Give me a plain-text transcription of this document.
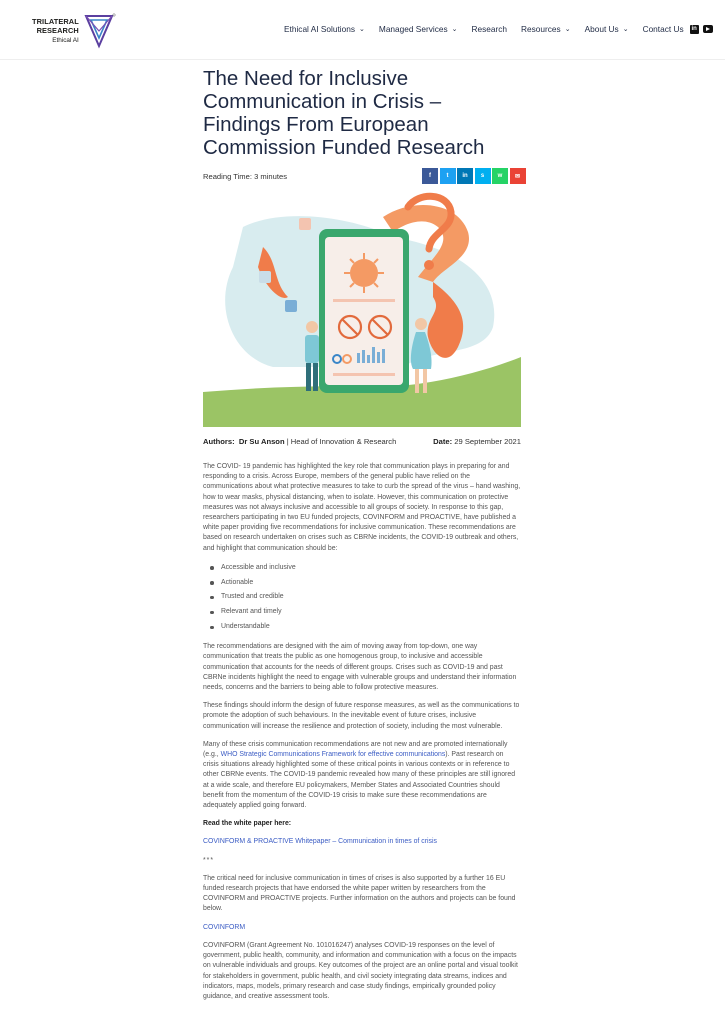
TRILATERAL
RESEARCH
Ethical AI
Ethical AI Solutions ⌄ Managed Services ⌄ Research Resources ⌄ About Us ⌄ Contact Us	in
The Need for Inclusive Communication in Crisis – Findings From European Commission Funded Research
Reading Time: 3 minutes	f	t	in	s	w	✉
Authors: Dr Su Anson | Head of Innovation & Research	Date: 29 September 2021

The COVID- 19 pandemic has highlighted the key role that communication plays in preparing for and responding to a crisis. Across Europe, members of the general public have relied on the communications about what protective measures to take to curb the spread of the virus – hand washing, how to wear masks, physical distancing, when to isolate. However, this communication on protective measures was not always inclusive and accessible to all groups of society. In response to this gap, researchers participating in two EU funded projects, COVINFORM and PROACTIVE, have published a white paper providing five recommendations for inclusive communication. These recommendations are based on research undertaken on crises such as CBRNe incidents, the COVID-19 outbreak and others, and highlight that communication should be:

Accessible and inclusive
Actionable
Trusted and credible
Relevant and timely
Understandable

The recommendations are designed with the aim of moving away from top-down, one way communication that treats the public as one homogenous group, to inclusive and accessible communication that accounts for the needs of different groups. Crises such as COVID-19 and past CBRNe incidents highlight the need to engage with vulnerable groups and understand their information needs, concerns and the barriers to being able to follow protective measures.

These findings should inform the design of future response measures, as well as the communications to promote the adoption of such behaviours. In the inevitable event of future crises, inclusive communication will increase the resilience and protection of society, including the most vulnerable.

Many of these crisis communication recommendations are not new and are promoted internationally (e.g., WHO Strategic Communications Framework for effective communications). Past research on crisis situations already highlighted some of these critical points in various contexts or in reference to other CBRNe events. The COVID-19 pandemic revealed how many of these principles are still ignored at a wide scale, and therefore EU policymakers, Member States and Associated Countries should benefit from the momentum of the COVID-19 crisis to make sure these recommendations are adequately applied going forward.

Read the white paper here:

COVINFORM & PROACTIVE Whitepaper – Communication in times of crisis

***

The critical need for inclusive communication in times of crises is also supported by a further 16 EU funded research projects that have endorsed the white paper written by researchers from the COVINFORM and PROACTIVE projects. Further information on the authors and projects can be found below.

COVINFORM

COVINFORM (Grant Agreement No. 101016247) analyses COVID-19 responses on the level of government, public health, community, and information and communication with a focus on the impacts on vulnerable individuals and groups. Key outcomes of the project are an online portal and visual toolkit for stakeholders in government, public health, and civil society integrating data streams, indices and indicators, maps, models, primary research and case study findings, empirically grounded policy guidance, and creative assessment tools.
